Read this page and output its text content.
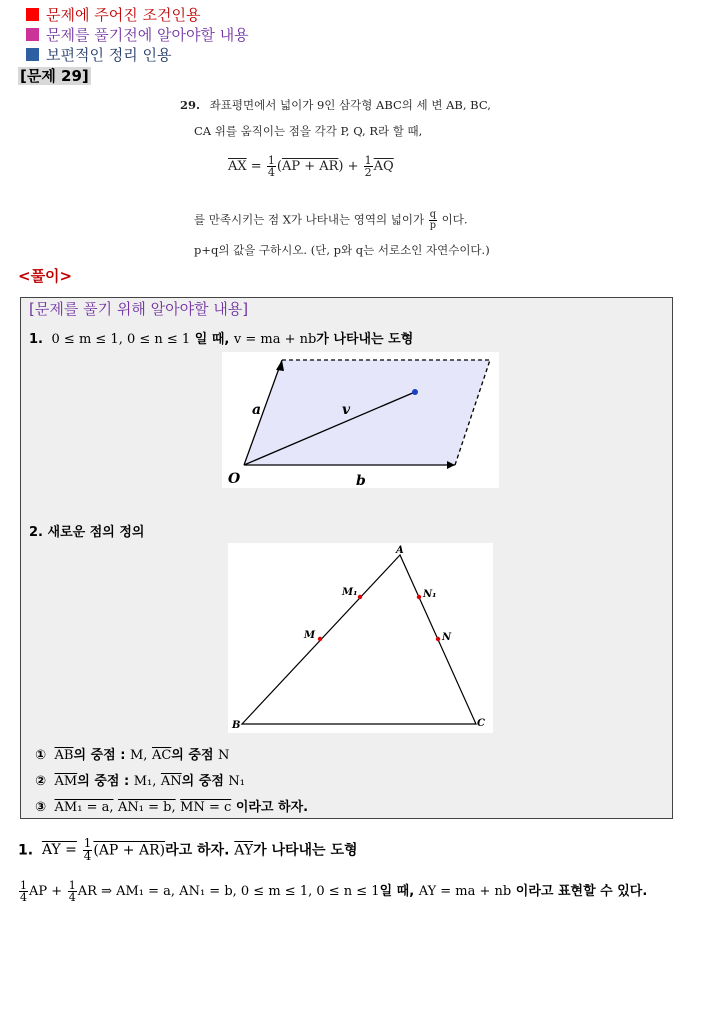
문제에 주어진 조건인용
문제를 풀기전에 알아야할 내용
보편적인 정리 인용
[문제 29]
29. 좌표평면에서 넓이가 9인 삼각형 ABC의 세 변 AB, BC,
CA 위를 움직이는 점을 각각 P, Q, R라 할 때,
$\overline{AX} = \frac{1}{4} (AP + AR) + \frac{1}{2} \overline{AQ}$
를 만족시키는 점 X가 나타내는 영역의 넓이가 $\frac{q}{p}$ 이다.
p+q의 값을 구하시오. (단, p와 q는 서로소인 자연수이다.)
<풀이>
[문제를 풀기 위해 알아야할 내용]
1. 0 ≤ m ≤ 1, 0 ≤ n ≤ 1 일 때, v = ma + nb가 나타내는 도형
a	v
O	b
2. 새로운 점의 정의
A
B	C
M₁
M
N₁
N
① $\overline{AB}$의 중점 : M, $\overline{AC}$의 중점 N
② $\overline{AM}$의 중점 : M₁, $\overline{AN}$의 중점 N₁
③ AM₁ = a, AN₁ = b, MN = c 이라고 하자.
1. AY = $\frac{1}{4} (AP + AR)$라고 하자. $\overline{AY}$가 나타내는 도형
$\frac{1}{4}$ AP + $\frac{1}{4}$ AR ⇒ AM₁ = a, AN₁ = b, 0 ≤ m ≤ 1, 0 ≤ n ≤ 1일 때, AY = ma + nb 이라고 표현할 수 있다.
